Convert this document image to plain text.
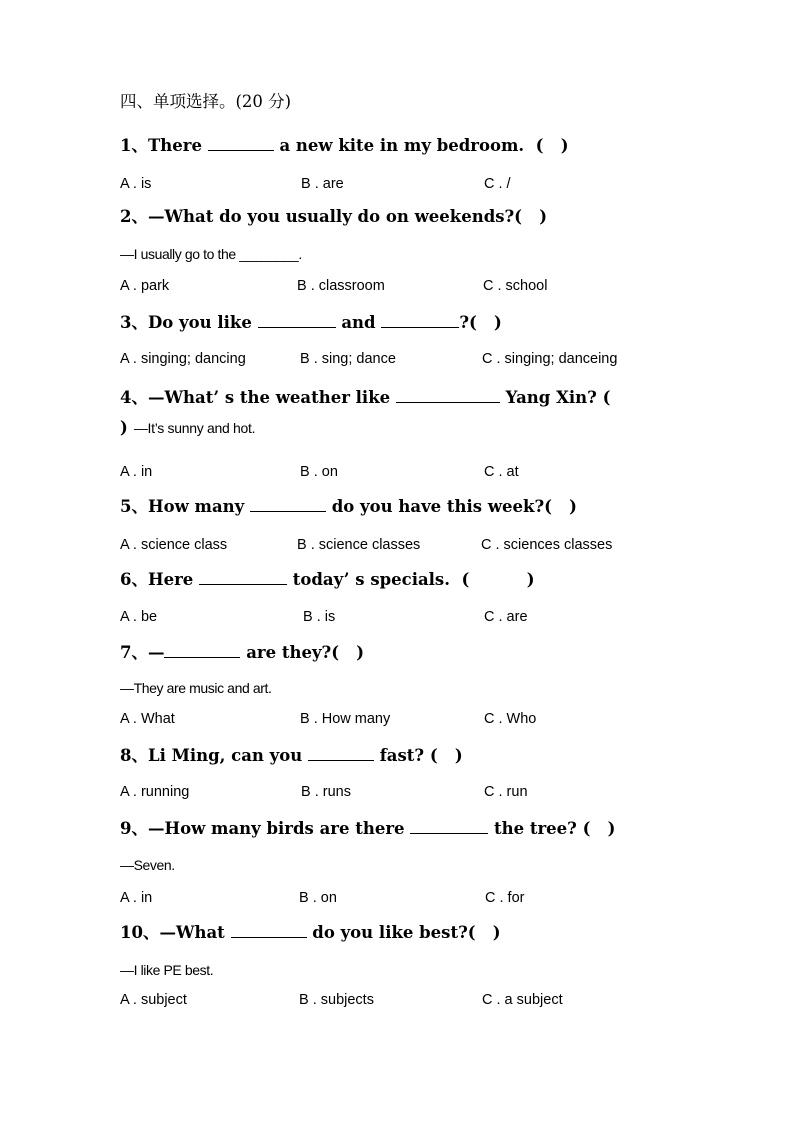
四、单项选择。(20 分)
1、There	a new kite in my bedroom.  (   )
A . is	B . are	C . /
2、—What do you usually do on weekends?(   )
—I usually go to the ________.
A . park	B . classroom	C . school
3、Do you like	and	?(   )
A . singing; dancing	B . sing; dance	C . singing; danceing
4、—What’ s the weather like	Yang Xin? (
) —It’s sunny and hot.
A . in	B . on	C . at
5、How many	do you have this week?(   )
A . science class	B . science classes	C . sciences classes
6、Here	today’ s specials.  (          )
A . be	B . is	C . are
7、—	are they?(   )
—They are music and art.
A . What	B . How many	C . Who
8、Li Ming, can you	fast? (   )
A . running	B . runs	C . run
9、—How many birds are there	the tree? (   )
—Seven.
A . in	B . on	C . for
10、—What	do you like best?(   )
—I like PE best.
A . subject	B . subjects	C . a subject
